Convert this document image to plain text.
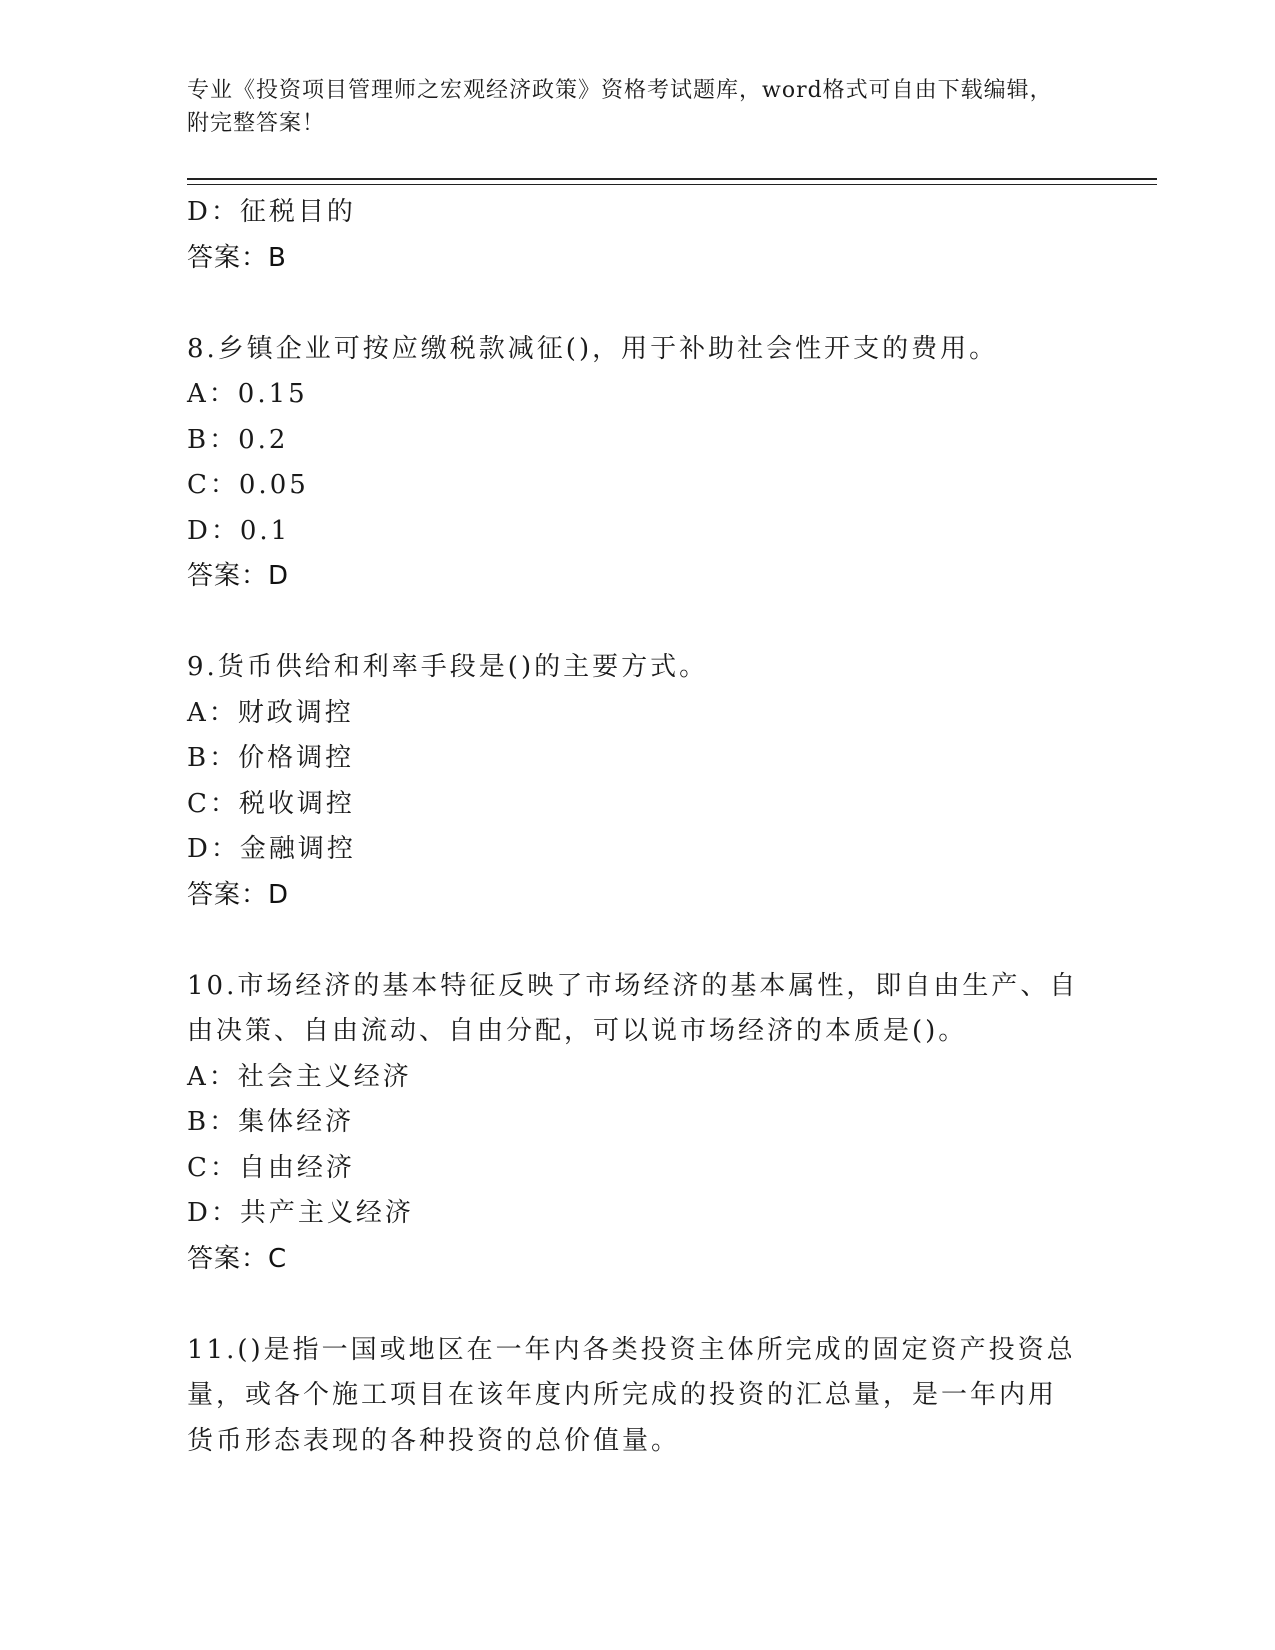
专业《投资项目管理师之宏观经济政策》资格考试题库，word格式可自由下载编辑，附完整答案！
D：征税目的
答案：B
8.乡镇企业可按应缴税款减征()，用于补助社会性开支的费用。
A：0.15
B：0.2
C：0.05
D：0.1
答案：D
9.货币供给和利率手段是()的主要方式。
A：财政调控
B：价格调控
C：税收调控
D：金融调控
答案：D
10.市场经济的基本特征反映了市场经济的基本属性，即自由生产、自
由决策、自由流动、自由分配，可以说市场经济的本质是()。
A：社会主义经济
B：集体经济
C：自由经济
D：共产主义经济
答案：C
11.()是指一国或地区在一年内各类投资主体所完成的固定资产投资总
量，或各个施工项目在该年度内所完成的投资的汇总量，是一年内用
货币形态表现的各种投资的总价值量。
